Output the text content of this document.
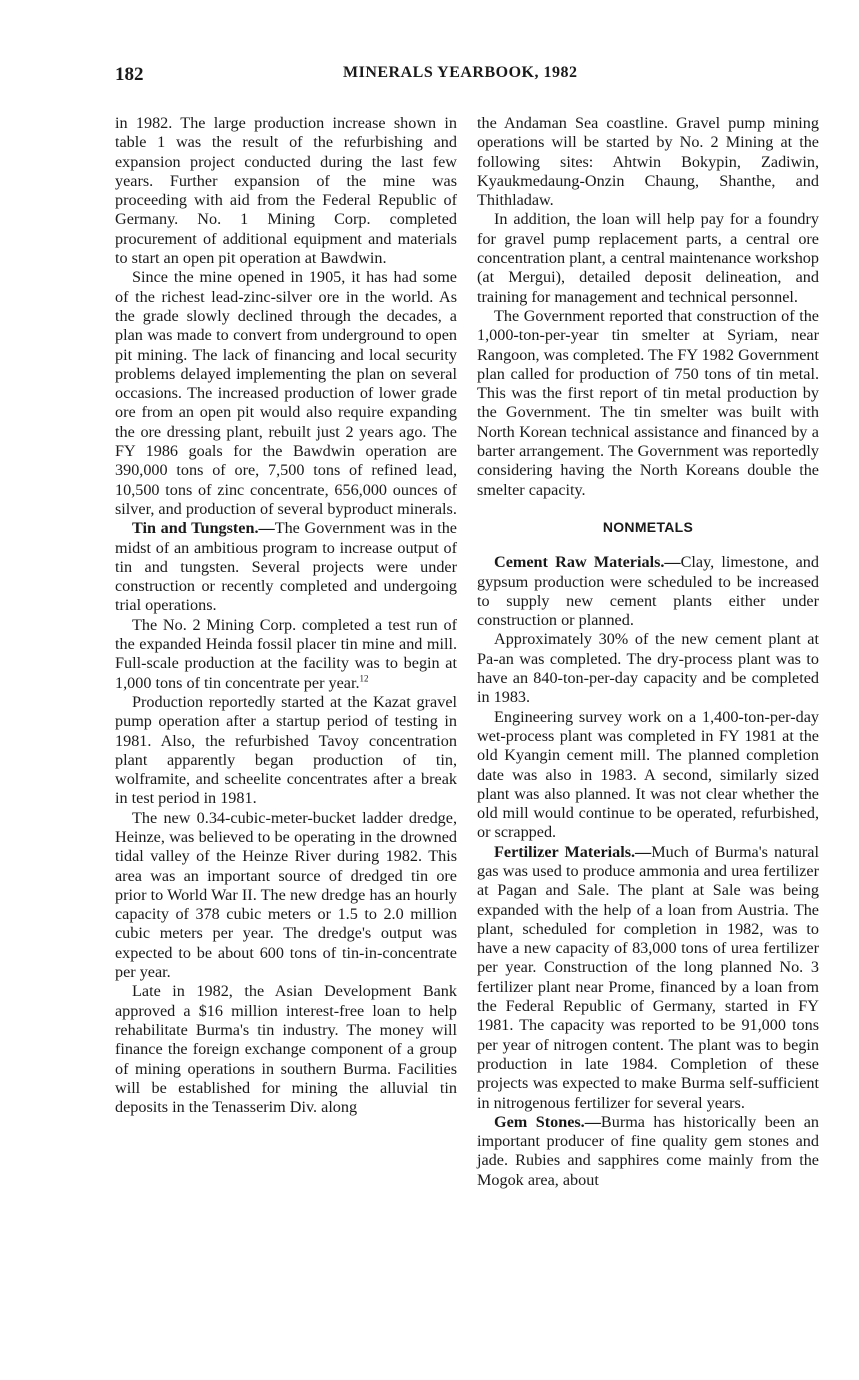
182	MINERALS YEARBOOK, 1982

in 1982. The large production increase shown in table 1 was the result of the refurbishing and expansion project conducted during the last few years. Further expansion of the mine was proceeding with aid from the Federal Republic of Germany. No. 1 Mining Corp. completed procurement of additional equipment and materials to start an open pit operation at Bawdwin.

Since the mine opened in 1905, it has had some of the richest lead-zinc-silver ore in the world. As the grade slowly declined through the decades, a plan was made to convert from underground to open pit mining. The lack of financing and local security problems delayed implementing the plan on several occasions. The increased production of lower grade ore from an open pit would also require expanding the ore dressing plant, rebuilt just 2 years ago. The FY 1986 goals for the Bawdwin operation are 390,000 tons of ore, 7,500 tons of refined lead, 10,500 tons of zinc concentrate, 656,000 ounces of silver, and production of several byproduct minerals.

Tin and Tungsten.—The Government was in the midst of an ambitious program to increase output of tin and tungsten. Several projects were under construction or recently completed and undergoing trial operations.

The No. 2 Mining Corp. completed a test run of the expanded Heinda fossil placer tin mine and mill. Full-scale production at the facility was to begin at 1,000 tons of tin concentrate per year.$^{12}$

Production reportedly started at the Kazat gravel pump operation after a startup period of testing in 1981. Also, the refurbished Tavoy concentration plant apparently began production of tin, wolframite, and scheelite concentrates after a break in test period in 1981.

The new 0.34-cubic-meter-bucket ladder dredge, Heinze, was believed to be operating in the drowned tidal valley of the Heinze River during 1982. This area was an important source of dredged tin ore prior to World War II. The new dredge has an hourly capacity of 378 cubic meters or 1.5 to 2.0 million cubic meters per year. The dredge's output was expected to be about 600 tons of tin-in-concentrate per year.

Late in 1982, the Asian Development Bank approved a $16 million interest-free loan to help rehabilitate Burma's tin industry. The money will finance the foreign exchange component of a group of mining operations in southern Burma. Facilities will be established for mining the alluvial tin deposits in the Tenasserim Div. along

the Andaman Sea coastline. Gravel pump mining operations will be started by No. 2 Mining at the following sites: Ahtwin Bokypin, Zadiwin, Kyaukmedaung-Onzin Chaung, Shanthe, and Thithladaw.

In addition, the loan will help pay for a foundry for gravel pump replacement parts, a central ore concentration plant, a central maintenance workshop (at Mergui), detailed deposit delineation, and training for management and technical personnel.

The Government reported that construction of the 1,000-ton-per-year tin smelter at Syriam, near Rangoon, was completed. The FY 1982 Government plan called for production of 750 tons of tin metal. This was the first report of tin metal production by the Government. The tin smelter was built with North Korean technical assistance and financed by a barter arrangement. The Government was reportedly considering having the North Koreans double the smelter capacity.

NONMETALS

Cement Raw Materials.—Clay, limestone, and gypsum production were scheduled to be increased to supply new cement plants either under construction or planned.

Approximately 30% of the new cement plant at Pa-an was completed. The dry-process plant was to have an 840-ton-per-day capacity and be completed in 1983.

Engineering survey work on a 1,400-ton-per-day wet-process plant was completed in FY 1981 at the old Kyangin cement mill. The planned completion date was also in 1983. A second, similarly sized plant was also planned. It was not clear whether the old mill would continue to be operated, refurbished, or scrapped.

Fertilizer Materials.—Much of Burma's natural gas was used to produce ammonia and urea fertilizer at Pagan and Sale. The plant at Sale was being expanded with the help of a loan from Austria. The plant, scheduled for completion in 1982, was to have a new capacity of 83,000 tons of urea fertilizer per year. Construction of the long planned No. 3 fertilizer plant near Prome, financed by a loan from the Federal Republic of Germany, started in FY 1981. The capacity was reported to be 91,000 tons per year of nitrogen content. The plant was to begin production in late 1984. Completion of these projects was expected to make Burma self-sufficient in nitrogenous fertilizer for several years.

Gem Stones.—Burma has historically been an important producer of fine quality gem stones and jade. Rubies and sapphires come mainly from the Mogok area, about
